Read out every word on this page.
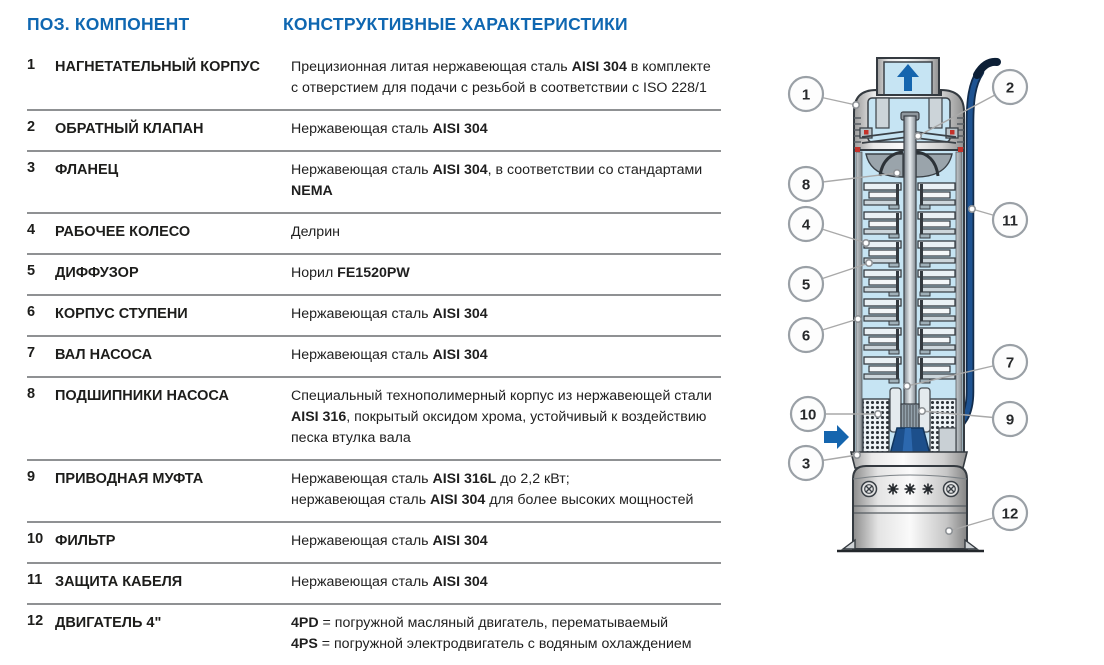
ПОЗ. КОМПОНЕНТ	КОНСТРУКТИВНЫЕ ХАРАКТЕРИСТИКИ
1	НАГНЕТАТЕЛЬНЫЙ КОРПУС	Прецизионная литая нержавеющая сталь AISI 304 в комплекте с отверстием для подачи с резьбой в соответствии с ISO 228/1
2	ОБРАТНЫЙ КЛАПАН	Нержавеющая сталь AISI 304
3	ФЛАНЕЦ	Нержавеющая сталь AISI 304, в соответствии со стандартами NEMA
4	РАБОЧЕЕ КОЛЕСО	Делрин
5	ДИФФУЗОР	Норил FE1520PW
6	КОРПУС СТУПЕНИ	Нержавеющая сталь AISI 304
7	ВАЛ НАСОСА	Нержавеющая сталь AISI 304
8	ПОДШИПНИКИ НАСОСА	Специальный технополимерный корпус из нержавеющей стали AISI 316, покрытый оксидом хрома, устойчивый к воздействию песка втулка вала
9	ПРИВОДНАЯ МУФТА	Нержавеющая сталь AISI 316L до 2,2 кВт;
нержавеющая сталь AISI 304 для более высоких мощностей
10 ФИЛЬТР	Нержавеющая сталь AISI 304
11 ЗАЩИТА КАБЕЛЯ	Нержавеющая сталь AISI 304
12 ДВИГАТЕЛЬ 4"	4PD = погружной масляный двигатель, перематываемый
4PS = погружной электродвигатель с водяным охлаждением
1	2
8
11
4
5
6
7
10	9
3
12
